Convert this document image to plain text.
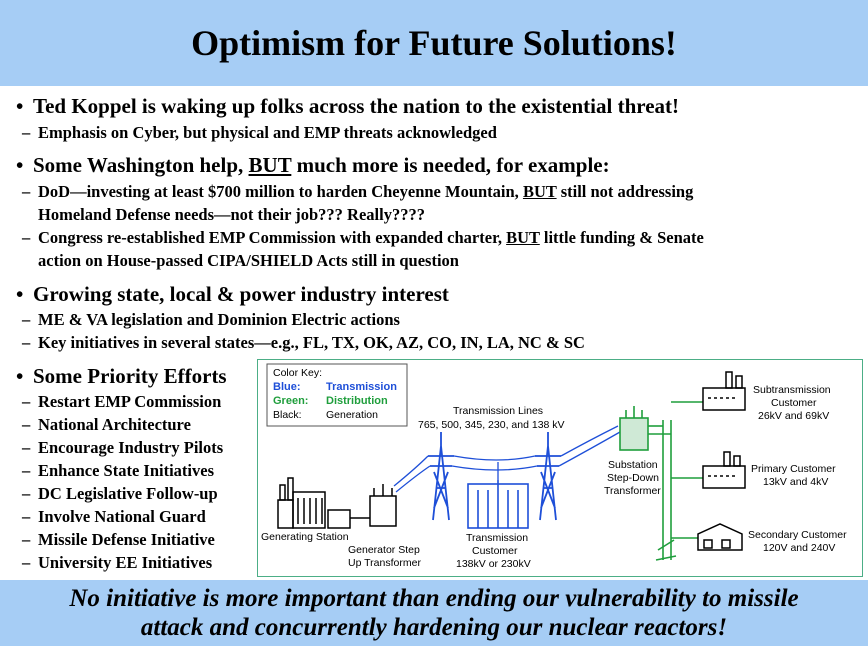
Optimism for Future Solutions!
• Ted Koppel is waking up folks across the nation to the existential threat!
– Emphasis on Cyber, but physical and EMP threats acknowledged
• Some Washington help, BUT much more is needed, for example:
– DoD—investing at least $700 million to harden Cheyenne Mountain, BUT still not addressing
Homeland Defense needs—not their job??? Really????
– Congress re-established EMP Commission with expanded charter, BUT little funding & Senate
action on House-passed CIPA/SHIELD Acts still in question
• Growing state, local & power industry interest
– ME & VA legislation and Dominion Electric actions
– Key initiatives in several states—e.g., FL, TX, OK, AZ, CO, IN, LA, NC & SC
• Some Priority Efforts
– Restart EMP Commission
– National Architecture
– Encourage Industry Pilots
– Enhance State Initiatives
– DC Legislative Follow-up
– Involve National Guard
– Missile Defense Initiative
– University EE Initiatives
Color Key:
Blue: Transmission
Green: Distribution
Black: Generation	Transmission Lines
765, 500, 345, 230, and 138 kV
Generating Station
Generator Step
Up Transformer
Transmission
Customer
138kV or 230kV
Substation
Step-Down
Transformer
Subtransmission
Customer
26kV and 69kV
Primary Customer
13kV and 4kV
Secondary Customer
120V and 240V
No initiative is more important than ending our vulnerability to missile
attack and concurrently hardening our nuclear reactors!
